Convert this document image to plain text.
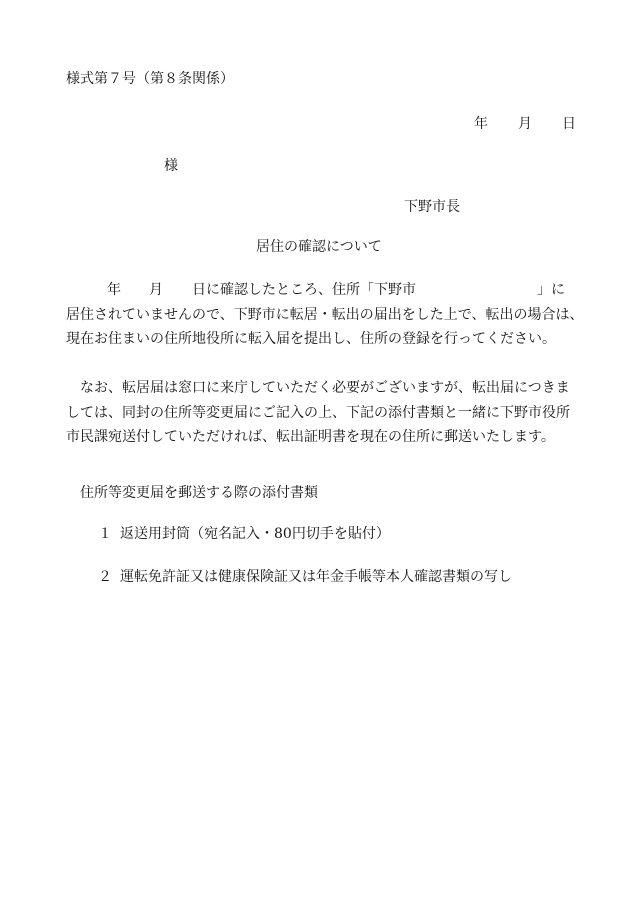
様式第７号（第８条関係）
年 月 日
様
下野市長
居住の確認について
年 月 日に確認したところ、住所「下野市	」に
居住されていませんので、下野市に転居・転出の届出をした上で、転出の場合は、
現在お住まいの住所地役所に転入届を提出し、住所の登録を行ってください。
なお、転居届は窓口に来庁していただく必要がございますが、転出届につきま
しては、同封の住所等変更届にご記入の上、下記の添付書類と一緒に下野市役所
市民課宛送付していただければ、転出証明書を現在の住所に郵送いたします。
住所等変更届を郵送する際の添付書類
１ 返送用封筒（宛名記入・80円切手を貼付）
２ 運転免許証又は健康保険証又は年金手帳等本人確認書類の写し
